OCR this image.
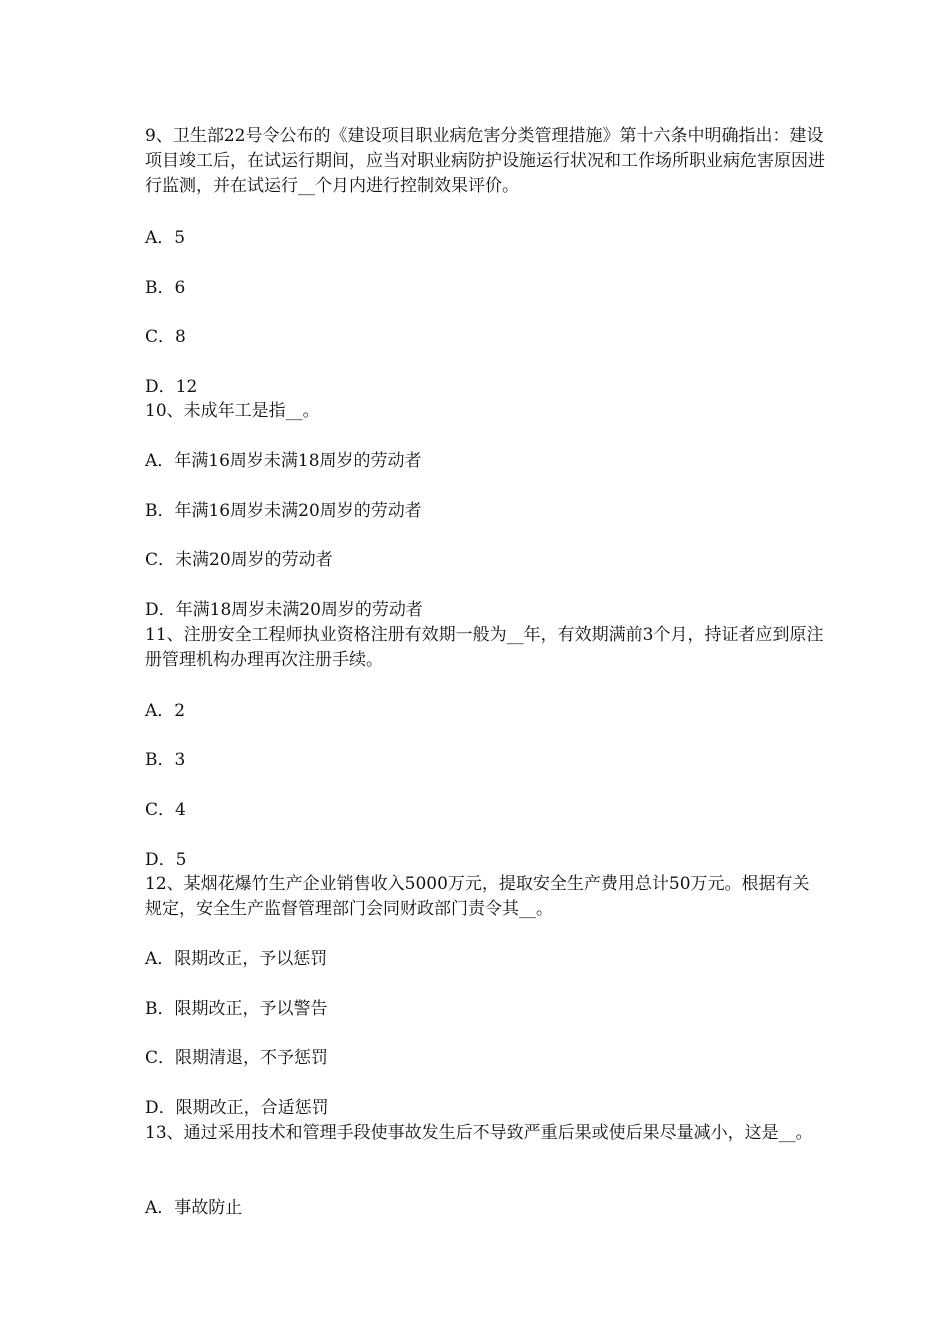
9、卫生部22号令公布的《建设项目职业病危害分类管理措施》第十六条中明确指出：建设项目竣工后，在试运行期间，应当对职业病防护设施运行状况和工作场所职业病危害原因进行监测，并在试运行__个月内进行控制效果评价。

A．5

B．6

C．8

D．12

10、未成年工是指__。

A．年满16周岁未满18周岁的劳动者

B．年满16周岁未满20周岁的劳动者

C．未满20周岁的劳动者

D．年满18周岁未满20周岁的劳动者

11、注册安全工程师执业资格注册有效期一般为__年，有效期满前3个月，持证者应到原注册管理机构办理再次注册手续。

A．2

B．3

C．4

D．5

12、某烟花爆竹生产企业销售收入5000万元，提取安全生产费用总计50万元。根据有关规定，安全生产监督管理部门会同财政部门责令其__。

A．限期改正，予以惩罚

B．限期改正，予以警告

C．限期清退，不予惩罚

D．限期改正，合适惩罚

13、通过采用技术和管理手段使事故发生后不导致严重后果或使后果尽量减小，这是__。

A．事故防止
